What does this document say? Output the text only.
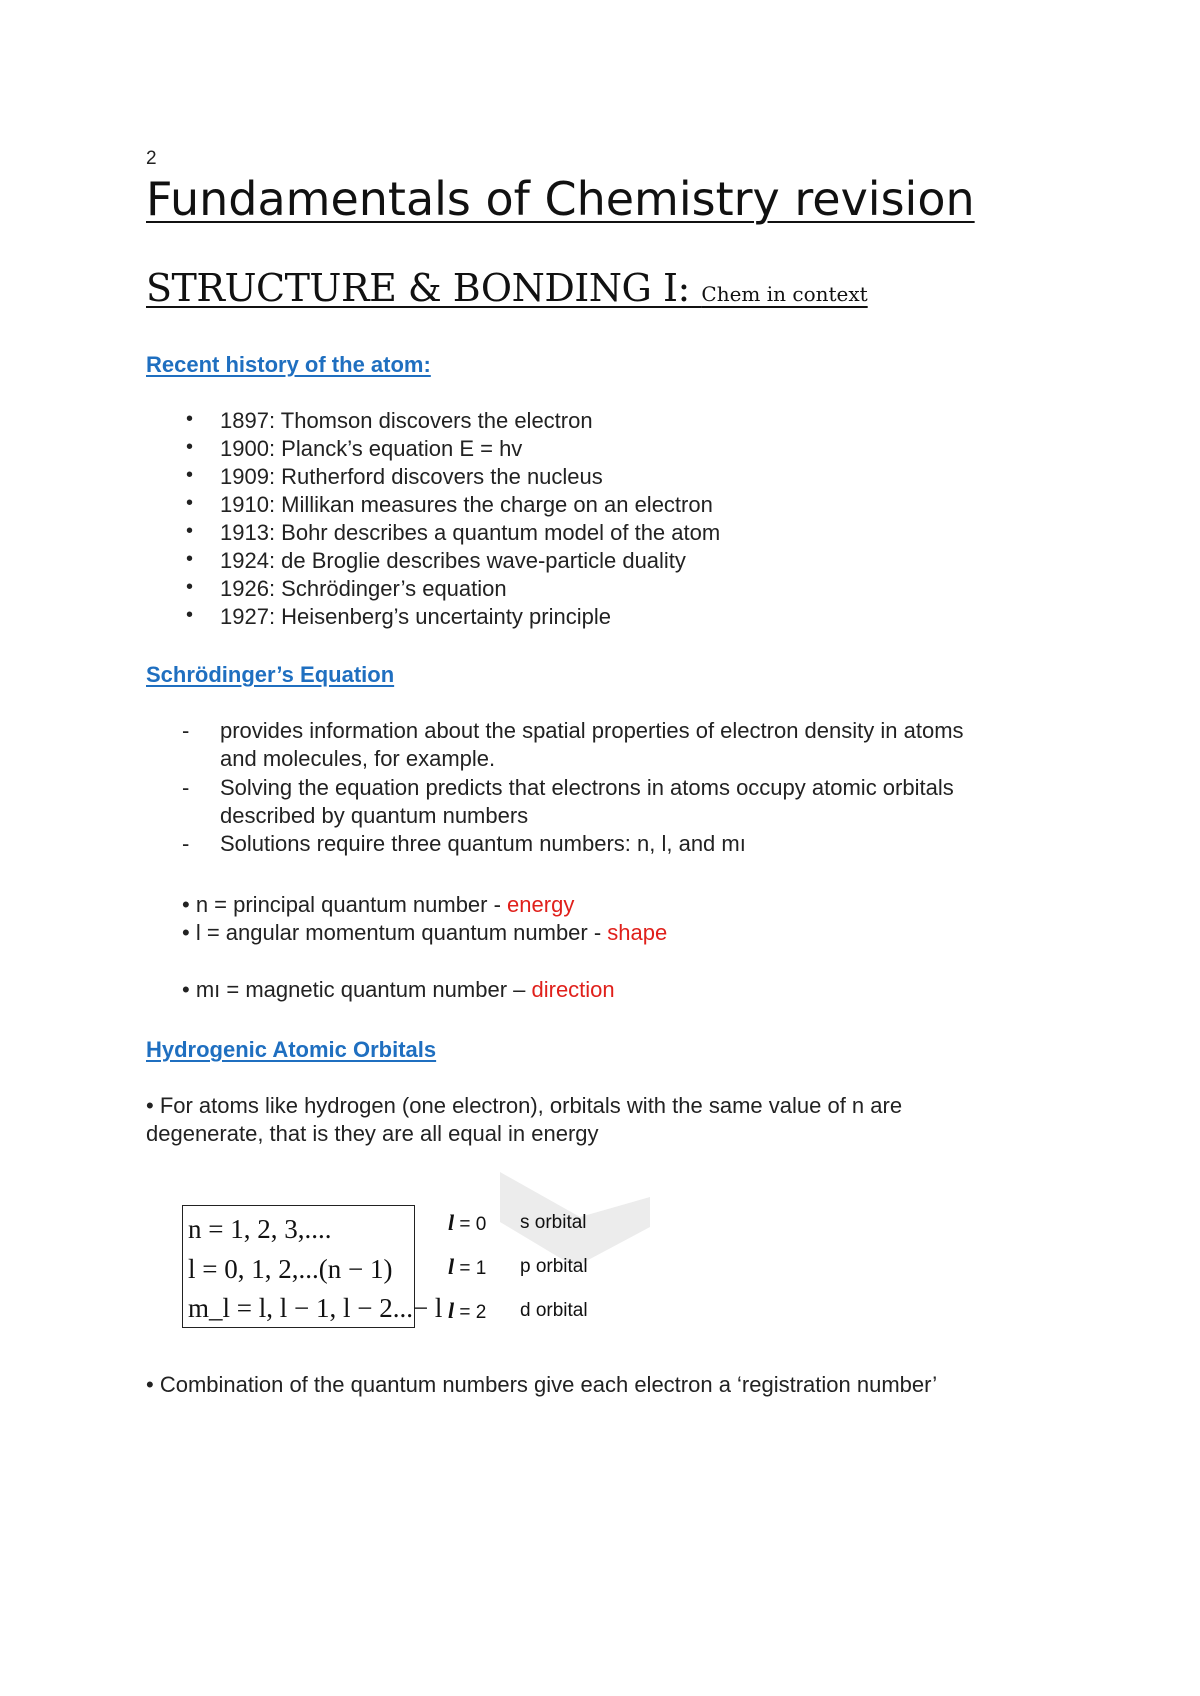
2
Fundamentals of Chemistry revision
STRUCTURE & BONDING I: Chem in context
Recent history of the atom:
• 1897: Thomson discovers the electron
• 1900: Planck’s equation E = hv
• 1909: Rutherford discovers the nucleus
• 1910: Millikan measures the charge on an electron
• 1913: Bohr describes a quantum model of the atom
• 1924: de Broglie describes wave-particle duality
• 1926: Schrödinger’s equation
• 1927: Heisenberg’s uncertainty principle
Schrödinger’s Equation
- provides information about the spatial properties of electron density in atoms
and molecules, for example.
- Solving the equation predicts that electrons in atoms occupy atomic orbitals
described by quantum numbers
- Solutions require three quantum numbers: n, l, and mı
• n = principal quantum number - energy
• l = angular momentum quantum number - shape
• mı = magnetic quantum number – direction
Hydrogenic Atomic Orbitals
• For atoms like hydrogen (one electron), orbitals with the same value of n are
degenerate, that is they are all equal in energy
n = 1, 2, 3,....
l = 0, 1, 2,...(n − 1)
m_l = l, l − 1, l − 2...− l
l = 0 s orbital
l = 1 p orbital
l = 2 d orbital
• Combination of the quantum numbers give each electron a ‘registration number’
